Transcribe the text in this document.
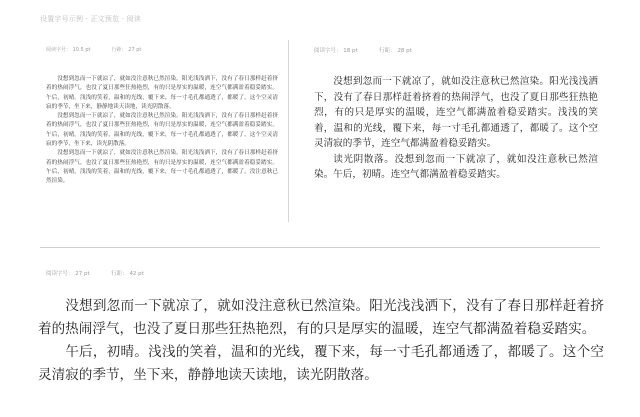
设置字号示例 · 正文预览 · 阅读
阅读字号： 10.5 pt	行距： 27 pt

没想到忽而一下就凉了，就如没注意秋已然渲染。阳光浅浅洒下，没有了春日那样赶着挤着的热闹浮气，也没了夏日那些狂热艳烈，有的只是厚实的温暖，连空气都满盈着稳妥踏实。午后，初晴。浅浅的笑着，温和的光线，覆下来，每一寸毛孔都通透了，都暖了。这个空灵清寂的季节，坐下来，静静地读天读地，读光阴散落。

没想到忽而一下就凉了，就如没注意秋已然渲染。阳光浅浅洒下，没有了春日那样赶着挤着的热闹浮气，也没了夏日那些狂热艳烈，有的只是厚实的温暖，连空气都满盈着稳妥踏实。午后，初晴。浅浅的笑着，温和的光线，覆下来，每一寸毛孔都通透了，都暖了。这个空灵清寂的季节，坐下来，读光阴散落。

没想到忽而一下就凉了，就如没注意秋已然渲染。阳光浅浅洒下，没有了春日那样赶着挤着的热闹浮气，也没了夏日那些狂热艳烈，有的只是厚实的温暖，连空气都满盈着稳妥踏实。午后，初晴。浅浅的笑着，温和的光线，覆下来，每一寸毛孔都通透了，都暖了。没注意秋已然渲染。

阅读字号： 18 pt	行距： 28 pt

没想到忽而一下就凉了，就如没注意秋已然渲染。阳光浅浅洒下，没有了春日那样赶着挤着的热闹浮气，也没了夏日那些狂热艳烈，有的只是厚实的温暖，连空气都满盈着稳妥踏实。浅浅的笑着，温和的光线，覆下来，每一寸毛孔都通透了，都暖了。这个空灵清寂的季节，连空气都满盈着稳妥踏实。

读光阴散落。没想到忽而一下就凉了，就如没注意秋已然渲染。午后，初晴。连空气都满盈着稳妥踏实。

阅读字号： 27 pt	行距： 42 pt

没想到忽而一下就凉了，就如没注意秋已然渲染。阳光浅浅洒下，没有了春日那样赶着挤着的热闹浮气，也没了夏日那些狂热艳烈，有的只是厚实的温暖，连空气都满盈着稳妥踏实。

午后，初晴。浅浅的笑着，温和的光线，覆下来，每一寸毛孔都通透了，都暖了。这个空灵清寂的季节，坐下来，静静地读天读地，读光阴散落。
